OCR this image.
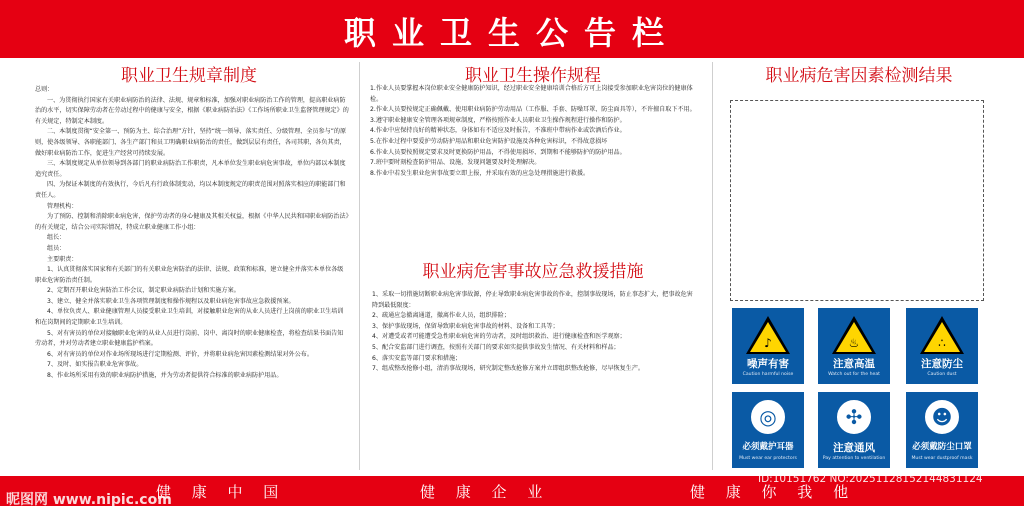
职业卫生公告栏
职业卫生规章制度

总则：

一、为贯彻执行国家有关职业病防治的法律、法规、规章和标准，加强对职业病防治工作的管理，提高职业病防治的水平，切实保障劳动者在劳动过程中的健康与安全，根据《职业病防治法》《工作场所职业卫生监督管理规定》的有关规定，特制定本制度。

二、本制度贯彻“安全第一、预防为主、综合治理”方针，坚持“统一领导、落实责任、分级管理、全员参与”的原则，使各级领导、各职能部门、各生产部门和员工明确职业病防治的责任，做到层层有责任，各司其职，各负其责，做好职业病防治工作，促进生产经营可持续发展。

三、本制度规定从单位领导到各部门的职业病防治工作职责，凡本单位发生职业病危害事故，单位内部以本制度追究责任。

四、为保证本制度的有效执行，今后凡有行政体制变动，均以本制度规定的职责范围对照落实相应的职能部门和责任人。

管理机构：

为了预防、控制和消除职业病危害，保护劳动者的身心健康及其相关权益，根据《中华人民共和国职业病防治法》的有关规定，结合公司实际情况，特成立职业健康工作小组：

组长：

组员：

主要职责：

1、认真贯彻落实国家和有关部门的有关职业危害防治的法律、法规、政策和标准，建立健全并落实本单位各级职业危害防治责任制。

2、定期召开职业危害防治工作会议，制定职业病防治计划和实施方案。

3、建立、健全并落实职业卫生各项管理制度和操作规程以及职业病危害事故应急救援预案。

4、单位负责人、职业健康管理人员接受职业卫生培训，对接触职业危害的从业人员进行上岗前的职业卫生培训和在岗期间的定期职业卫生培训。

5、对有害员的单位对接触职业危害的从业人员进行岗前、岗中、离岗时的职业健康检查，将检查结果书面告知劳动者，并对劳动者建立职业健康监护档案。

6、对有害员的单位对作业场所现场进行定期检测、评价，并将职业病危害因素检测结果对外公布。

7、及时、如实报告职业危害事故。

8、作业场所采用有效的职业病防护措施，并为劳动者提供符合标准的职业病防护用品。

职业卫生操作规程

1.作业人员要掌握本岗位职业安全健康防护知识，经过职业安全健康培训合格后方可上岗接受参加职业危害岗位的健康体检。

2.作业人员要按规定正确佩戴、使用职业病防护劳动用品（工作服、手套、防噪耳罩、防尘面具等），不许擅自取下不用。

3.遵守职业健康安全管理各项规章制度，严格按照作业人员职业卫生操作规程进行操作和防护。

4.作业中应保持良好的精神状态，身体如有不适应及时报告，不准班中带病作业或饮酒后作业。

5.在作业过程中要爱护劳动防护用品和职业危害防护设施及各种危害标识，不得故意损坏

6.作业人员要按照规定要求及时更换防护用品，不得使用损坏、到期和不能够防护的防护用品。

7.班中要时刻检查防护用品、设施，发现问题要及时处理解决。

8.作业中若发生职业危害事故要立即上报，并采取有效的应急处理措施进行救援。

职业病危害事故应急救援措施

1、采取一切措施切断职业病危害事故源，停止导致职业病危害事故的作业，控制事故现场，防止事态扩大，把事故危害降到最低限度：

2、疏通应急撤离通道，撤离作业人员，组织排险；

3、保护事故现场，保留导致职业病危害事故的材料、设备和工具等；

4、对遭受或者可能遭受急性职业病危害的劳动者，及时组织救治、进行健康检查和医学观察；

5、配合安监部门进行调查，按照有关部门的要求如实提供事故发生情况、有关材料和样品；

6、落实安监等部门要求和措施；

7、组成整改抢修小组，清消事故现场，研究制定整改抢修方案并立即组织整改抢修，尽早恢复生产。

职业病危害因素检测结果
♪
噪声有害
Caution harmful noise
♨
注意高温
Watch out for the heat
∴
注意防尘
Caution dust
◎
必须戴护耳器
Must wear ear protectors
✣
注意通风
Pay attention to ventilation
☻
必须戴防尘口罩
Must wear dustproof mask
健 康 中 国	健 康 企 业	健 康 你 我 他
昵图网 www.nipic.com
ID:10151762 NO:20251128152144831124
